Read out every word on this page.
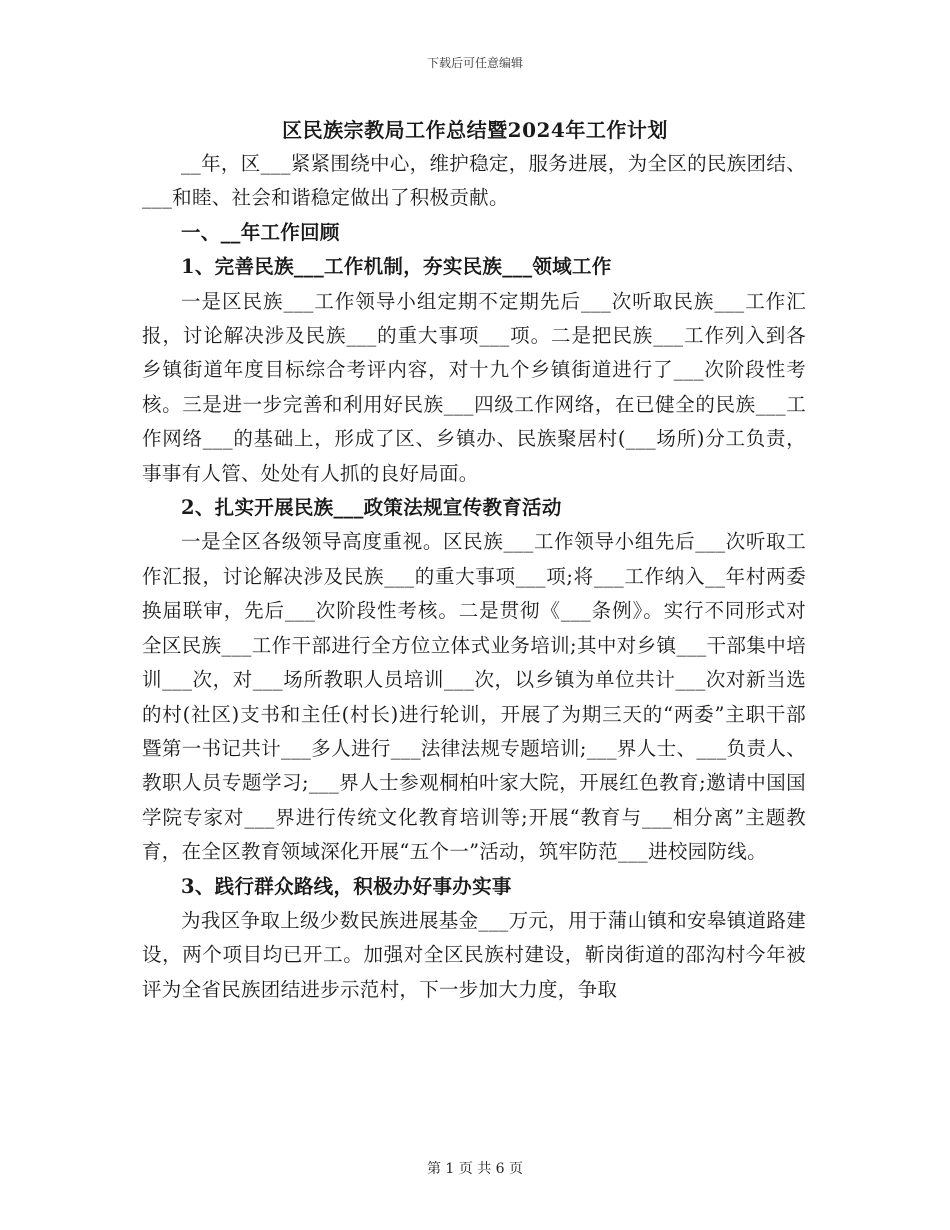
下载后可任意编辑
区民族宗教局工作总结暨2024年工作计划

__年，区___紧紧围绕中心，维护稳定，服务进展，为全区的民族团结、___和睦、社会和谐稳定做出了积极贡献。

一、__年工作回顾

1、完善民族___工作机制，夯实民族___领域工作

一是区民族___工作领导小组定期不定期先后___次听取民族___工作汇报，讨论解决涉及民族___的重大事项___项。二是把民族___工作列入到各乡镇街道年度目标综合考评内容，对十九个乡镇街道进行了___次阶段性考核。三是进一步完善和利用好民族___四级工作网络，在已健全的民族___工作网络___的基础上，形成了区、乡镇办、民族聚居村(___场所)分工负责，事事有人管、处处有人抓的良好局面。

2、扎实开展民族___政策法规宣传教育活动

一是全区各级领导高度重视。区民族___工作领导小组先后___次听取工作汇报，讨论解决涉及民族___的重大事项___项;将___工作纳入__年村两委换届联审，先后___次阶段性考核。二是贯彻《___条例》。实行不同形式对全区民族___工作干部进行全方位立体式业务培训;其中对乡镇___干部集中培训___次，对___场所教职人员培训___次，以乡镇为单位共计___次对新当选的村(社区)支书和主任(村长)进行轮训，开展了为期三天的“两委”主职干部暨第一书记共计___多人进行___法律法规专题培训;___界人士、___负责人、教职人员专题学习;___界人士参观桐柏叶家大院，开展红色教育;邀请中国国学院专家对___界进行传统文化教育培训等;开展“教育与___相分离”主题教育，在全区教育领域深化开展“五个一”活动，筑牢防范___进校园防线。

3、践行群众路线，积极办好事办实事

为我区争取上级少数民族进展基金___万元，用于蒲山镇和安皋镇道路建设，两个项目均已开工。加强对全区民族村建设，靳岗街道的邵沟村今年被评为全省民族团结进步示范村，下一步加大力度，争取

第 1 页 共 6 页
